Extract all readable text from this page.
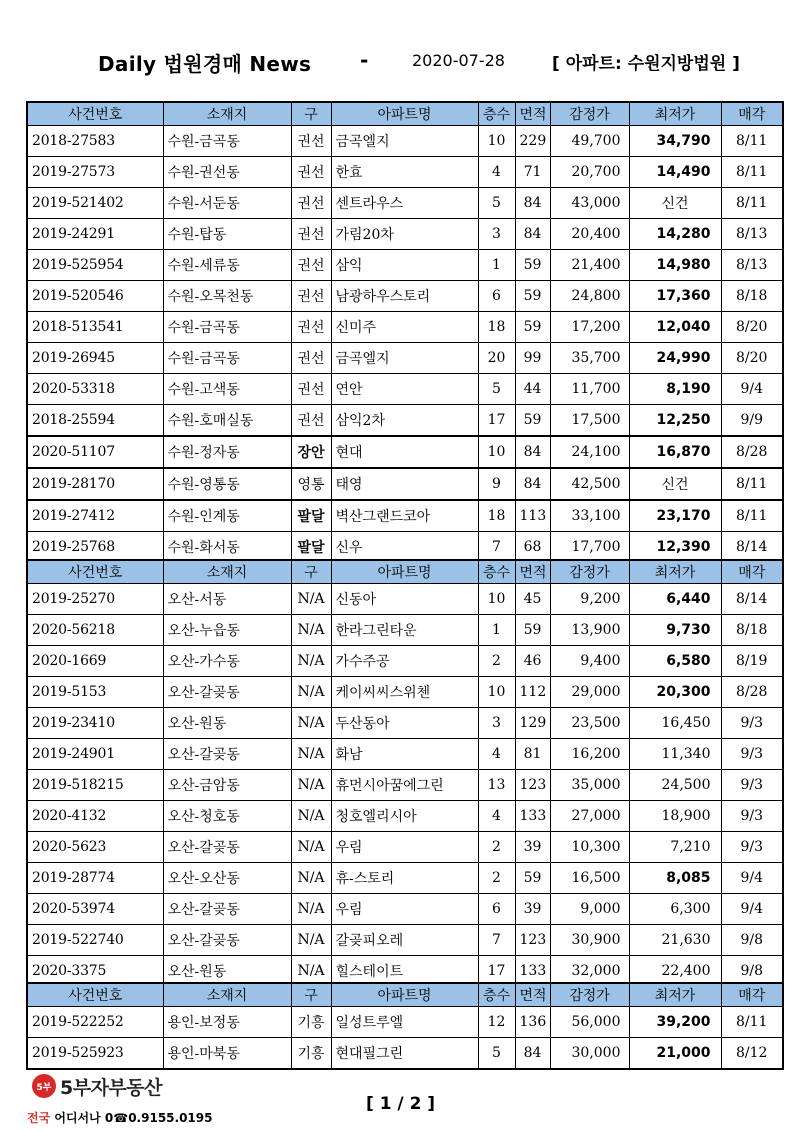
Daily 법원경매 News -	2020-07-28	[ 아파트: 수원지방법원 ]
사건번호	소재지	구	아파트명	층수	면적	감정가	최저가	매각
2018-27583	수원-금곡동	권선	금곡엘지	10	229	49,700	34,790	8/11
2019-27573	수원-권선동	권선	한효	4	71	20,700	14,490	8/11
2019-521402	수원-서둔동	권선	센트라우스	5	84	43,000	신건	8/11
2019-24291	수원-탑동	권선	가림20차	3	84	20,400	14,280	8/13
2019-525954	수원-세류동	권선	삼익	1	59	21,400	14,980	8/13
2019-520546	수원-오목천동	권선	남광하우스토리	6	59	24,800	17,360	8/18
2018-513541	수원-금곡동	권선	신미주	18	59	17,200	12,040	8/20
2019-26945	수원-금곡동	권선	금곡엘지	20	99	35,700	24,990	8/20
2020-53318	수원-고색동	권선	연안	5	44	11,700	8,190	9/4
2018-25594	수원-호매실동	권선	삼익2차	17	59	17,500	12,250	9/9
2020-51107	수원-정자동	장안	현대	10	84	24,100	16,870	8/28
2019-28170	수원-영통동	영통	태영	9	84	42,500	신건	8/11
2019-27412	수원-인계동	팔달	벽산그랜드코아	18	113	33,100	23,170	8/11
2019-25768	수원-화서동	팔달	신우	7	68	17,700	12,390	8/14
사건번호	소재지	구	아파트명	층수	면적	감정가	최저가	매각
2019-25270	오산-서동	N/A	신동아	10	45	9,200	6,440	8/14
2020-56218	오산-누읍동	N/A	한라그린타운	1	59	13,900	9,730	8/18
2020-1669	오산-가수동	N/A	가수주공	2	46	9,400	6,580	8/19
2019-5153	오산-갈곶동	N/A	케이씨씨스위첸	10	112	29,000	20,300	8/28
2019-23410	오산-원동	N/A	두산동아	3	129	23,500	16,450	9/3
2019-24901	오산-갈곶동	N/A	화남	4	81	16,200	11,340	9/3
2019-518215	오산-금암동	N/A	휴먼시아꿈에그린	13	123	35,000	24,500	9/3
2020-4132	오산-청호동	N/A	청호엘리시아	4	133	27,000	18,900	9/3
2020-5623	오산-갈곶동	N/A	우림	2	39	10,300	7,210	9/3
2019-28774	오산-오산동	N/A	휴-스토리	2	59	16,500	8,085	9/4
2020-53974	오산-갈곶동	N/A	우림	6	39	9,000	6,300	9/4
2019-522740	오산-갈곶동	N/A	갈곶피오레	7	123	30,900	21,630	9/8
2020-3375	오산-원동	N/A	힐스테이트	17	133	32,000	22,400	9/8
사건번호	소재지	구	아파트명	층수	면적	감정가	최저가	매각
2019-522252	용인-보정동	기흥	일성트루엘	12	136	56,000	39,200	8/11
2019-525923	용인-마북동	기흥	현대필그린	5	84	30,000	21,000	8/12
5부 5부자부동산
전국 어디서나 0☎0.9155.0195
[ 1 / 2 ]
